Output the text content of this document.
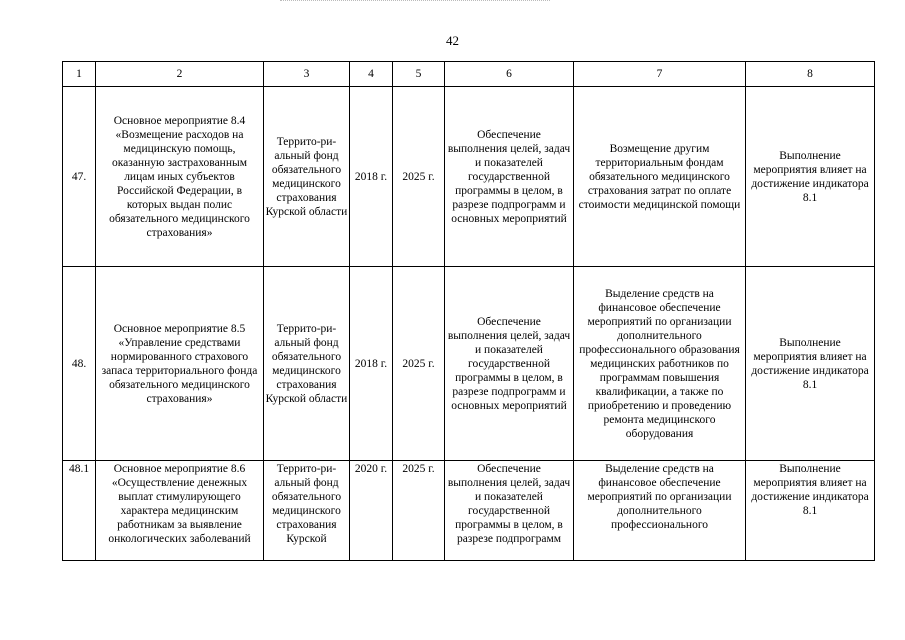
42
1	2	3	4	5	6	7	8
47.	Основное мероприятие 8.4 «Возмещение расходов на медицинскую помощь, оказанную застрахованным лицам иных субъектов Российской Федерации, в которых выдан полис обязательного медицинского страхования»	Террито-ри-альный фонд обязательного медицинского страхования Курской области	2018 г.	2025 г.	Обеспечение выполнения целей, задач и показателей государственной программы в целом, в разрезе подпрограмм и основных мероприятий	Возмещение другим территориальным фондам обязательного медицинского страхования затрат по оплате стоимости медицинской помощи	Выполнение мероприятия влияет на достижение индикатора 8.1
48.	Основное мероприятие 8.5 «Управление средствами нормированного страхового запаса территориального фонда обязательного медицинского страхования»	Террито-ри-альный фонд обязательного медицинского страхования Курской области	2018 г.	2025 г.	Обеспечение выполнения целей, задач и показателей государственной программы в целом, в разрезе подпрограмм и основных мероприятий	Выделение средств на финансовое обеспечение мероприятий по организации дополнительного профессионального образования медицинских работников по программам повышения квалификации, а также по приобретению и проведению ремонта медицинского оборудования	Выполнение мероприятия влияет на достижение индикатора 8.1
48.1	Основное мероприятие 8.6 «Осуществление денежных выплат стимулирующего характера медицинским работникам за выявление онкологических заболеваний	Террито-ри-альный фонд обязательного медицинского страхования Курской	2020 г.	2025 г.	Обеспечение выполнения целей, задач и показателей государственной программы в целом, в разрезе подпрограмм	Выделение средств на финансовое обеспечение мероприятий по организации дополнительного профессионального	Выполнение мероприятия влияет на достижение индикатора 8.1
